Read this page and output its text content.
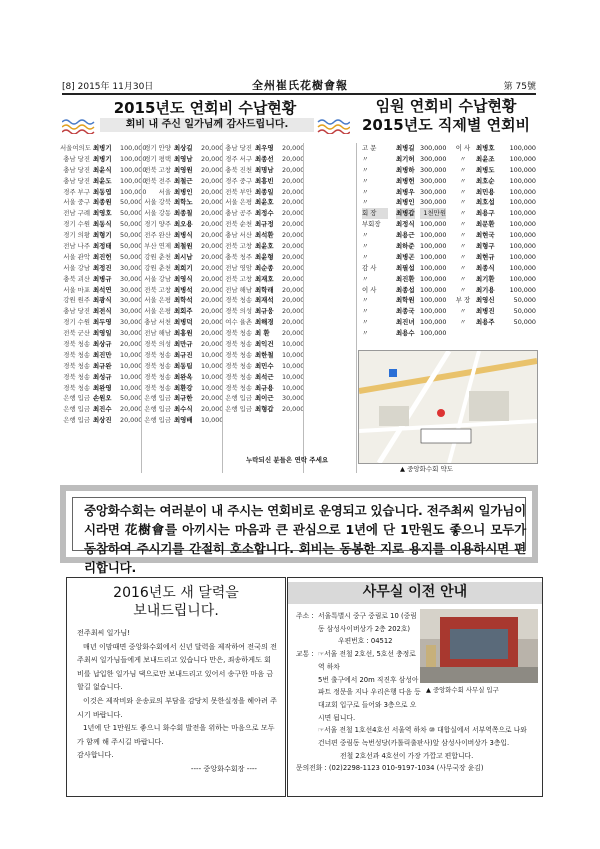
[8] 2015年 11月30日	全州崔氏花樹會報	第 75號
2015년도 연회비 수납현황
회비 내 주신 일가님께 감사드립니다.
임원 연회비 수납현황
2015년도 직제별 연회비
서울여의도 최병기 100,000
충남 당진 최병기 100,000
충남 당진 최윤식 100,000
충남 당진 최윤도 100,000
경주 부구 최동엽 100,000
서울 중구 최종원 50,000
전남 구례 최영호 50,000
경기 수원 최동식 50,000
경기 의왕 최형기 50,000
전남 나주 최정태 50,000
서울 관악 최진헌 50,000
서울 강남 최정진 30,000
충북 괴산 최병규 30,000
서울 마포 최석연 30,000
강원 원주 최광식 30,000
충남 당진 최전식 30,000
경기 수원 최두영 30,000
전북 군산 최영일 30,000
경북 청송 최상규 20,000
경북 청송 최진만 10,000
경북 청송 최규완 10,000
경북 청송 최성규 10,000
경북 청송 최완영 10,000
은행 입금 손원오 50,000
은행 입금 최진수 20,000
은행 입금 최상진 20,000
경기 안양 최상길 20,000
경기 평택 최영남 20,000
전북 고창 최영원 20,000
전북 전주 최철근 20,000
서울 최병인 20,000
서울 강북 최학노 20,000
서울 강동 최종칠 20,000
경기 양주 최오용 20,000
전주 완산 최병식 20,000
부산 연제 최철원 20,000
강원 춘천 최시남 20,000
강원 춘천 최희기 20,000
서울 강남 최영식 20,000
전북 고창 최병석 20,000
서울 은평 최학석 20,000
서울 은평 최회주 20,000
충남 서천 최병덕 20,000
전남 해남 최홍원 20,000
경북 의성 최만규 20,000
경북 청송 최규진 10,000
경북 청송 최동팀 10,000
경북 청송 최완옥 10,000
경북 청송 최환강 10,000
은행 입금 최규한 20,000
은행 입금 최수식 20,000
은행 입금 최영배 10,000
충남 당진 최우영 20,000
경주 서구 최종선 20,000
충북 진천 최명남 20,000
경주 중구 최흥빈 20,000
전북 부안 최종일 20,000
서울 은평 최윤호 20,000
충남 공주 최정수 20,000
전북 순천 최규정 20,000
충남 서산 최석환 20,000
전북 고창 최윤호 20,000
충북 청주 최윤형 20,000
전남 영암 최순종 20,000
전북 고창 최재호 20,000
전남 해남 최학래 20,000
경북 청송 최재석 20,000
경북 의성 최규웅 20,000
여수 율촌 최해경 20,000
경북 청송 최 환 20,000
경북 청송 최익건 10,000
경북 청송 최한철 10,000
경북 청송 최민수 10,000
경북 청송 최석근 10,000
경북 청송 최규용 10,000
은행 입금 최이근 30,000
은행 입금 최형갑 20,000
누락되신 분들은 연락 주세요
고 문	최병길 300,000 이 사 최병호 100,000
〃	최기허 300,000	〃	최윤조 100,000
〃	최병하 300,000	〃	최병도 100,000
〃	최병헌 300,000	〃	최호순 100,000
〃	최병우 300,000	〃	최민용 100,000
〃	최병인 300,000	〃	최호섭 100,000
회 장	최병갑	1천만원	〃	최용구 100,000
부회장	최정식 100,000	〃	최문환 100,000
〃	최용근 100,000	〃	최현국 100,000
〃	최하준 100,000	〃	최형구 100,000
〃	최병곤 100,000	〃	최현규 100,000
감 사	최필섭 100,000	〃	최종식 100,000
〃	최진환 100,000	〃	최기환 100,000
이 사	최종섭 100,000	〃	최기용 100,000
〃	최학원 100,000 부 장 최영신	50,000
〃	최종국 100,000	〃	최병진	50,000
〃	최진녀 100,000	〃	최용주	50,000
〃	최용수 100,000
▲ 중앙화수회 약도
중앙화수회는 여러분이 내 주시는 연회비로 운영되고 있습니다. 전주최씨 일가님이시라면 花樹會를 아끼시는 마음과 큰 관심으로 1년에 단 1만원도 좋으니 모두가 동참하여 주시기를 간절히 호소합니다. 회비는 동봉한 지로 용지를 이용하시면 편리합니다.
2016년도 새 달력을
보내드립니다.
전주최씨 일가님!
매년 이맘때면 중앙화수회에서 신년 달력을 제작하여 전국의 전주최씨 일가님들에게 보내드리고 있습니다 만은, 죄송하게도 회비를 납입한 일가님 댁으로만 보내드리고 있어서 송구한 마음 금할길 없습니다.
이것은 제작비와 운송료의 부담을 감당치 못한실정을 헤아려 주시기 바랍니다.
1년에 단 1만원도 좋으니 화수회 발전을 위하는 마음으로 모두가 함께 해 주시길 바랍니다.
감사합니다.
---- 중앙화수회장 ----
사무실 이전 안내
주소 : 서울특별시 중구 중림로 10 (중림동 삼성사이버상가 2층 202호)
우편번호 : 04512
교통 : ☞서울 전철 2호선, 5호선 충정로역 하차
5번 출구에서 20m 직진후 삼성아파트 정문을 지나 우리은행 다음 등대교회 입구로 들어와 3층으로 오시면 됩니다.
☞서울 전철 1호선4호선 서울역 하차 ⑩ 대합실에서 서부역쪽으로 나와 건너편 중림동 녹번성당(카톨릭출판사)앞 삼성사이버상가 3층입.
전철 2호선과 4호선이 가장 가깝고 편합니다.
문의전화 : (02)2298-1123 010-9197-1034 (사무국장 윤김)
▲ 중앙화수회 사무실 입구
